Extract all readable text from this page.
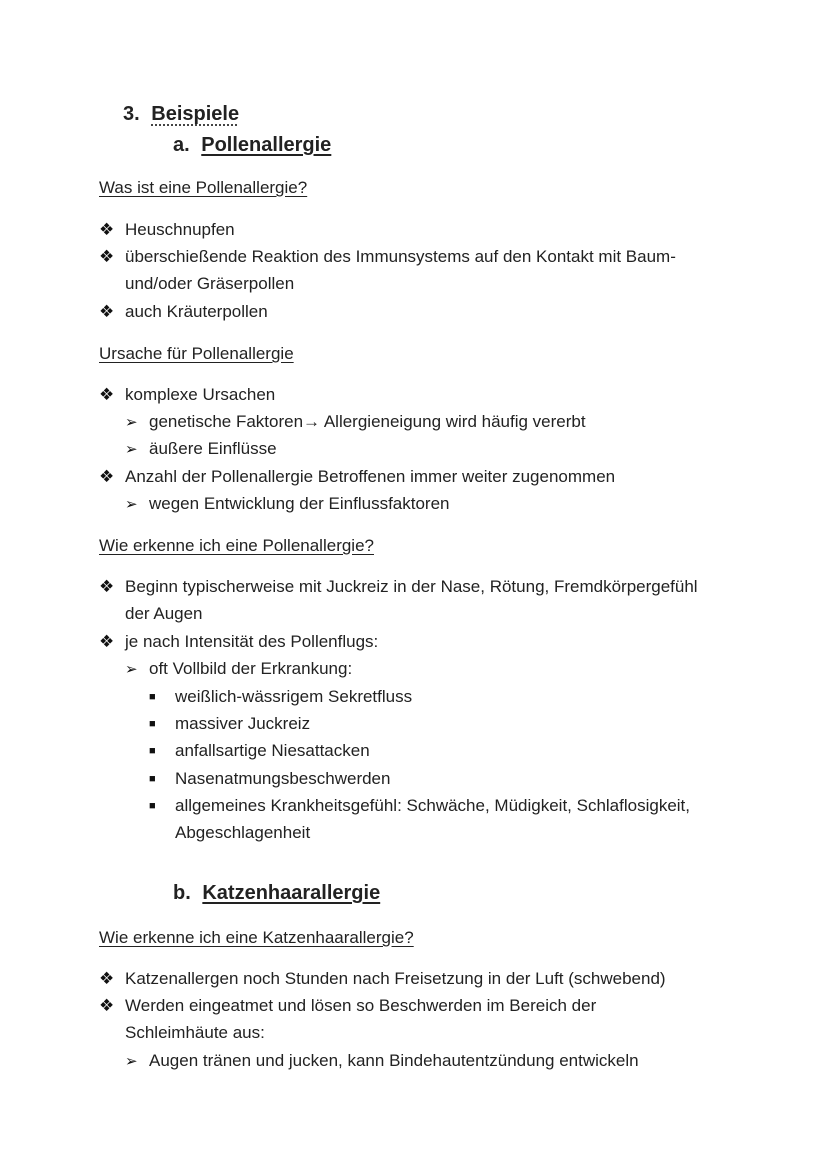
3. Beispiele
a. Pollenallergie
Was ist eine Pollenallergie?
❖ Heuschnupfen
❖ überschießende Reaktion des Immunsystems auf den Kontakt mit Baum-
und/oder Gräserpollen
❖ auch Kräuterpollen
Ursache für Pollenallergie
❖ komplexe Ursachen
➢ genetische Faktoren→ Allergieneigung wird häufig vererbt
➢ äußere Einflüsse
❖ Anzahl der Pollenallergie Betroffenen immer weiter zugenommen
➢ wegen Entwicklung der Einflussfaktoren
Wie erkenne ich eine Pollenallergie?
❖ Beginn typischerweise mit Juckreiz in der Nase, Rötung, Fremdkörpergefühl
der Augen
❖ je nach Intensität des Pollenflugs:
➢ oft Vollbild der Erkrankung:
■ weißlich-wässrigem Sekretfluss
■ massiver Juckreiz
■ anfallsartige Niesattacken
■ Nasenatmungsbeschwerden
■ allgemeines Krankheitsgefühl: Schwäche, Müdigkeit, Schlaflosigkeit,
Abgeschlagenheit
b. Katzenhaarallergie
Wie erkenne ich eine Katzenhaarallergie?
❖ Katzenallergen noch Stunden nach Freisetzung in der Luft (schwebend)
❖ Werden eingeatmet und lösen so Beschwerden im Bereich der
Schleimhäute aus:
➢ Augen tränen und jucken, kann Bindehautentzündung entwickeln
